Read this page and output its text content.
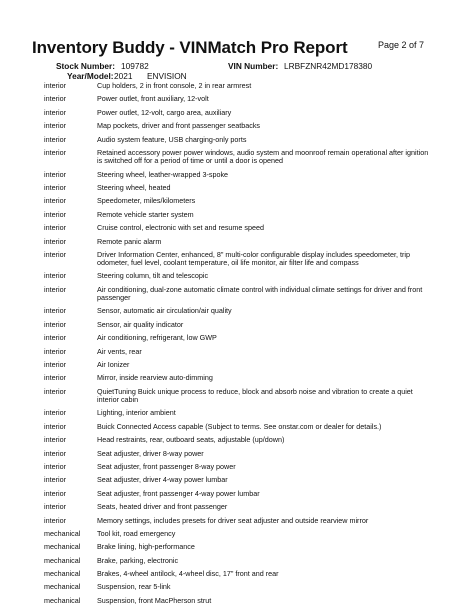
Inventory Buddy - VINMatch Pro Report	Page 2 of 7
Stock Number: 109782	VIN Number: LRBFZNR42MD178380
Year/Model: 2021 ENVISION
interior	Cup holders, 2 in front console, 2 in rear armrest
interior	Power outlet, front auxiliary, 12-volt
interior	Power outlet, 12-volt, cargo area, auxiliary
interior	Map pockets, driver and front passenger seatbacks
interior	Audio system feature, USB charging-only ports
interior	Retained accessory power power windows, audio system and moonroof remain operational after ignition is switched off for a period of time or until a door is opened
interior	Steering wheel, leather-wrapped 3-spoke
interior	Steering wheel, heated
interior	Speedometer, miles/kilometers
interior	Remote vehicle starter system
interior	Cruise control, electronic with set and resume speed
interior	Remote panic alarm
interior	Driver Information Center, enhanced, 8" multi-color configurable display includes speedometer, trip odometer, fuel level, coolant temperature, oil life monitor, air filter life and compass
interior	Steering column, tilt and telescopic
interior	Air conditioning, dual-zone automatic climate control with individual climate settings for driver and front passenger
interior	Sensor, automatic air circulation/air quality
interior	Sensor, air quality indicator
interior	Air conditioning, refrigerant, low GWP
interior	Air vents, rear
interior	Air Ionizer
interior	Mirror, inside rearview auto-dimming
interior	QuietTuning Buick unique process to reduce, block and absorb noise and vibration to create a quiet interior cabin
interior	Lighting, interior ambient
interior	Buick Connected Access capable (Subject to terms. See onstar.com or dealer for details.)
interior	Head restraints, rear, outboard seats, adjustable (up/down)
interior	Seat adjuster, driver 8-way power
interior	Seat adjuster, front passenger 8-way power
interior	Seat adjuster, driver 4-way power lumbar
interior	Seat adjuster, front passenger 4-way power lumbar
interior	Seats, heated driver and front passenger
interior	Memory settings, includes presets for driver seat adjuster and outside rearview mirror
mechanical	Tool kit, road emergency
mechanical	Brake lining, high-performance
mechanical	Brake, parking, electronic
mechanical	Brakes, 4-wheel antilock, 4-wheel disc, 17" front and rear
mechanical	Suspension, rear 5-link
mechanical	Suspension, front MacPherson strut
